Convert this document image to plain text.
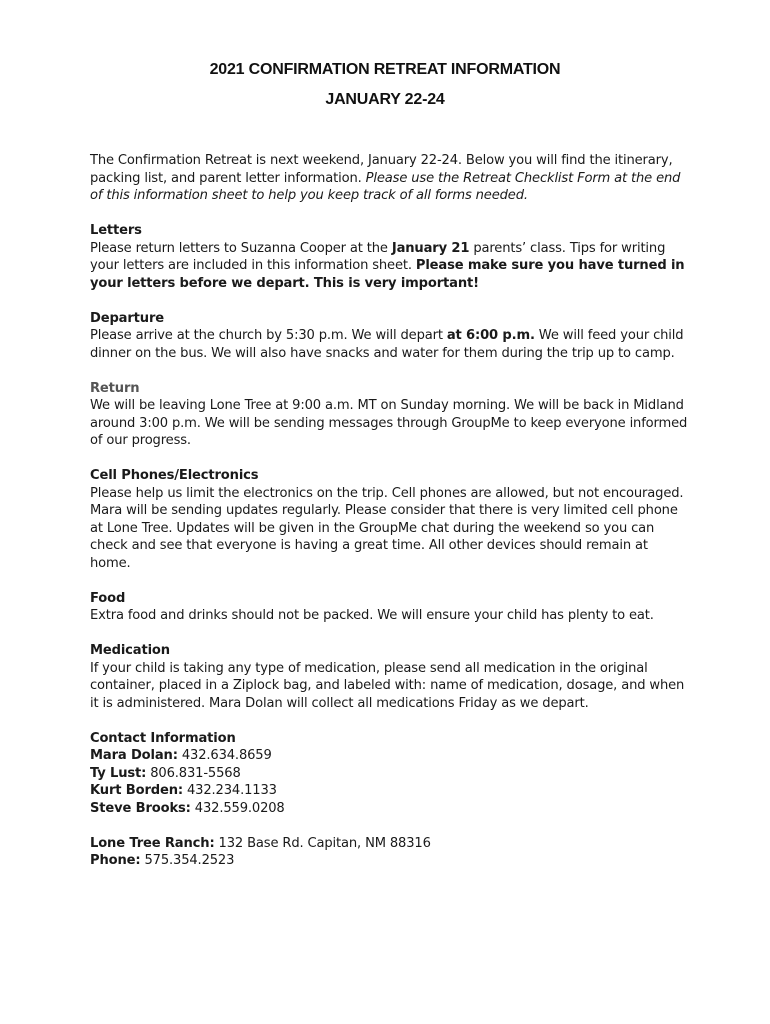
2021 CONFIRMATION RETREAT INFORMATION
JANUARY 22-24

The Confirmation Retreat is next weekend, January 22-24. Below you will find the itinerary, packing list, and parent letter information. Please use the Retreat Checklist Form at the end of this information sheet to help you keep track of all forms needed.

Letters

Please return letters to Suzanna Cooper at the January 21 parents’ class. Tips for writing your letters are included in this information sheet. Please make sure you have turned in your letters before we depart. This is very important!

Departure

Please arrive at the church by 5:30 p.m. We will depart at 6:00 p.m. We will feed your child dinner on the bus. We will also have snacks and water for them during the trip up to camp.

Return

We will be leaving Lone Tree at 9:00 a.m. MT on Sunday morning. We will be back in Midland around 3:00 p.m. We will be sending messages through GroupMe to keep everyone informed of our progress.

Cell Phones/Electronics

Please help us limit the electronics on the trip. Cell phones are allowed, but not encouraged. Mara will be sending updates regularly. Please consider that there is very limited cell phone at Lone Tree. Updates will be given in the GroupMe chat during the weekend so you can check and see that everyone is having a great time. All other devices should remain at home.

Food

Extra food and drinks should not be packed. We will ensure your child has plenty to eat.

Medication

If your child is taking any type of medication, please send all medication in the original container, placed in a Ziplock bag, and labeled with: name of medication, dosage, and when it is administered. Mara Dolan will collect all medications Friday as we depart.

Contact Information

Mara Dolan: 432.634.8659

Ty Lust: 806.831-5568

Kurt Borden: 432.234.1133

Steve Brooks: 432.559.0208

Lone Tree Ranch: 132 Base Rd. Capitan, NM 88316

Phone: 575.354.2523
